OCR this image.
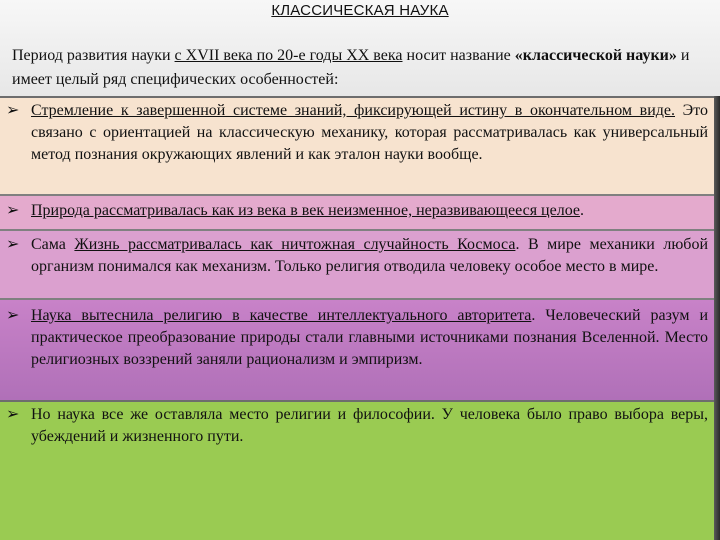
КЛАССИЧЕСКАЯ НАУКА
Период развития науки с XVII века по 20-е годы XX века носит название «классической науки» и имеет целый ряд специфических особенностей:
➢ Стремление к завершенной системе знаний, фиксирующей истину в окончательном виде. Это связано с ориентацией на классическую механику, которая рассматривалась как универсальный метод познания окружающих явлений и как эталон науки вообще.
➢ Природа рассматривалась как из века в век неизменное, неразвивающееся целое.
➢ Сама Жизнь рассматривалась как ничтожная случайность Космоса. В мире механики любой организм понимался как механизм. Только религия отводила человеку особое место в мире.
➢ Наука вытеснила религию в качестве интеллектуального авторитета. Человеческий разум и практическое преобразование природы стали главными источниками познания Вселенной. Место религиозных воззрений заняли рационализм и эмпиризм.
➢ Но наука все же оставляла место религии и философии. У человека было право выбора веры, убеждений и жизненного пути.
